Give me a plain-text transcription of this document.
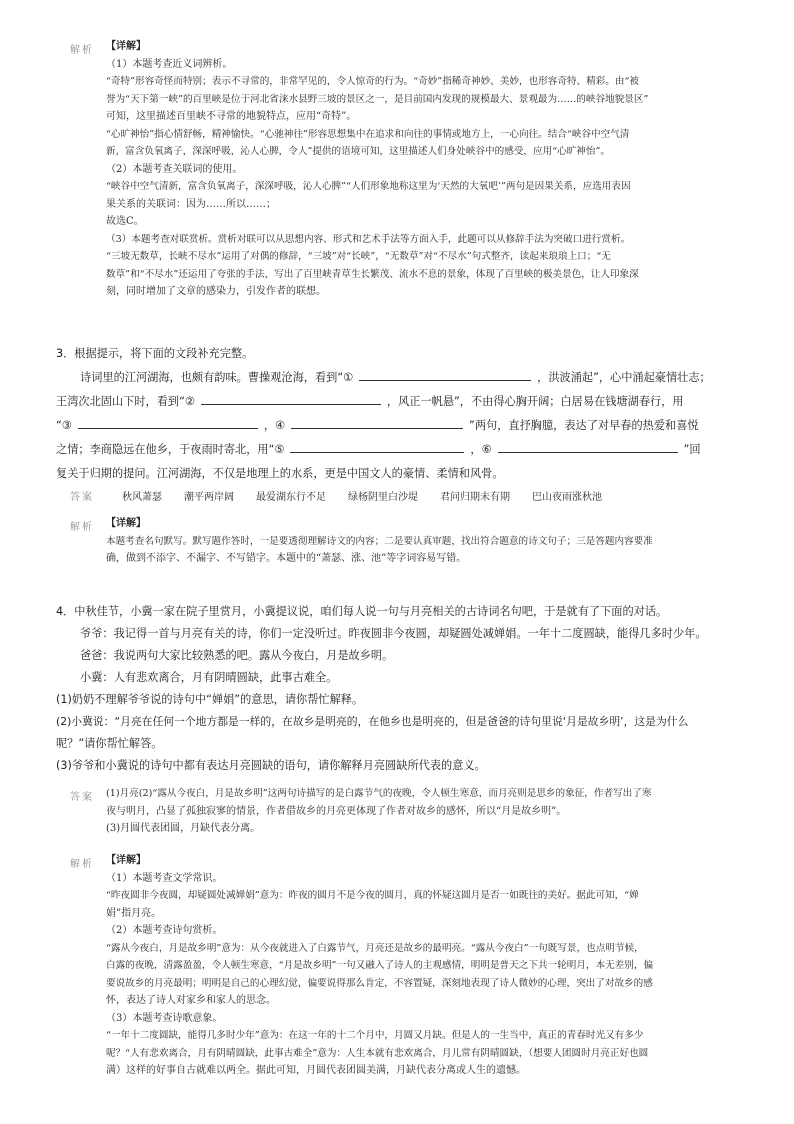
解析 【详解】
（1）本题考查近义词辨析。
“奇特”形容奇怪而特别；表示不寻常的，非常罕见的，令人惊奇的行为。“奇妙”指稀奇神妙、美妙，也形容奇特、精彩。由“被
誉为“天下第一峡”的百里峡是位于河北省涞水县野三坡的景区之一，是目前国内发现的规模最大、景观最为……的峡谷地貌景区”
可知，这里描述百里峡不寻常的地貌特点，应用“奇特”。
“心旷神怡”指心情舒畅，精神愉快。“心驰神往”形容思想集中在追求和向往的事情或地方上，一心向往。结合“峡谷中空气清
新，富含负氧离子，深深呼吸，沁人心脾，令人”提供的语境可知，这里描述人们身处峡谷中的感受，应用“心旷神怡”。
（2）本题考查关联词的使用。
“峡谷中空气清新，富含负氧离子，深深呼吸，沁人心脾”“人们形象地称这里为‘天然的大氧吧’”两句是因果关系，应选用表因
果关系的关联词：因为……所以……；
故选C。
（3）本题考查对联赏析。赏析对联可以从思想内容、形式和艺术手法等方面入手，此题可以从修辞手法为突破口进行赏析。
“三坡无数草，长峡不尽水”运用了对偶的修辞，“三坡”对“长峡”，“无数草”对“不尽水”句式整齐，读起来琅琅上口；“无
数草”和“不尽水”还运用了夸张的手法，写出了百里峡青草生长繁茂、流水不息的景象，体现了百里峡的极美景色，让人印象深
刻，同时增加了文章的感染力，引发作者的联想。
3．根据提示，将下面的文段补充完整。
诗词里的江河湖海，也颇有韵味。曹操观沧海，看到“①	，洪波涌起”，心中涌起豪情壮志；
王湾次北固山下时，看到“②	，风正一帆悬”，不由得心胸开阔；白居易在钱塘湖春行，用
“③	，④	”两句，直抒胸臆，表达了对早春的热爱和喜悦
之情；李商隐远在他乡，于夜雨时寄北，用“⑤	，⑥	”回
复关于归期的提问。江河湖海，不仅是地理上的水系，更是中国文人的豪情、柔情和风骨。
答案	秋风萧瑟 潮平两岸阔 最爱湖东行不足 绿杨阴里白沙堤 君问归期未有期 巴山夜雨涨秋池
解析 【详解】
本题考查名句默写。默写题作答时，一是要透彻理解诗文的内容；二是要认真审题，找出符合题意的诗文句子；三是答题内容要准
确，做到不添字、不漏字、不写错字。本题中的“萧瑟、涨、池”等字词容易写错。
4．中秋佳节，小冀一家在院子里赏月，小冀提议说，咱们每人说一句与月亮相关的古诗词名句吧，于是就有了下面的对话。
爷爷：我记得一首与月亮有关的诗，你们一定没听过。昨夜圆非今夜圆，却疑圆处减婵娟。一年十二度圆缺，能得几多时少年。
爸爸：我说两句大家比较熟悉的吧。露从今夜白，月是故乡明。
小冀：人有悲欢离合，月有阴晴圆缺，此事古难全。
(1)奶奶不理解爷爷说的诗句中“婵娟”的意思，请你帮忙解释。
(2)小冀说：“月亮在任何一个地方都是一样的，在故乡是明亮的，在他乡也是明亮的，但是爸爸的诗句里说‘月是故乡明’，这是为什么
呢？”请你帮忙解答。
(3)爷爷和小冀说的诗句中都有表达月亮圆缺的语句，请你解释月亮圆缺所代表的意义。
答案 (1)月亮(2)“露从今夜白，月是故乡明”这两句诗描写的是白露节气的夜晚，令人顿生寒意，而月亮则是思乡的象征，作者写出了寒
夜与明月，凸显了孤独寂寥的情景，作者借故乡的月亮更体现了作者对故乡的感怀，所以“月是故乡明”。
(3)月圆代表团圆，月缺代表分离。
解析 【详解】
（1）本题考查文学常识。
“昨夜圆非今夜圆，却疑圆处减婵娟”意为：昨夜的圆月不是今夜的圆月，真的怀疑这圆月是否一如既往的美好。据此可知，“婵
娟”指月亮。
（2）本题考查诗句赏析。
“露从今夜白，月是故乡明”意为：从今夜就进入了白露节气，月亮还是故乡的最明亮。“露从今夜白”一句既写景，也点明节候，
白露的夜晚，清露盈盈，令人顿生寒意，“月是故乡明”一句又融入了诗人的主观感情，明明是普天之下共一轮明月，本无差别，偏
要说故乡的月亮最明；明明是自己的心理幻觉，偏要说得那么肯定，不容置疑，深刻地表现了诗人微妙的心理，突出了对故乡的感
怀，表达了诗人对家乡和家人的思念。
（3）本题考查诗歌意象。
“一年十二度圆缺，能得几多时少年”意为：在这一年的十二个月中，月圆又月缺。但是人的一生当中，真正的青春时光又有多少
呢？“人有悲欢离合，月有阴晴圆缺，此事古难全”意为：人生本就有悲欢离合，月儿常有阴晴圆缺，（想要人团圆时月亮正好也圆
满）这样的好事自古就难以两全。据此可知，月圆代表团圆美满，月缺代表分离或人生的遗憾。
